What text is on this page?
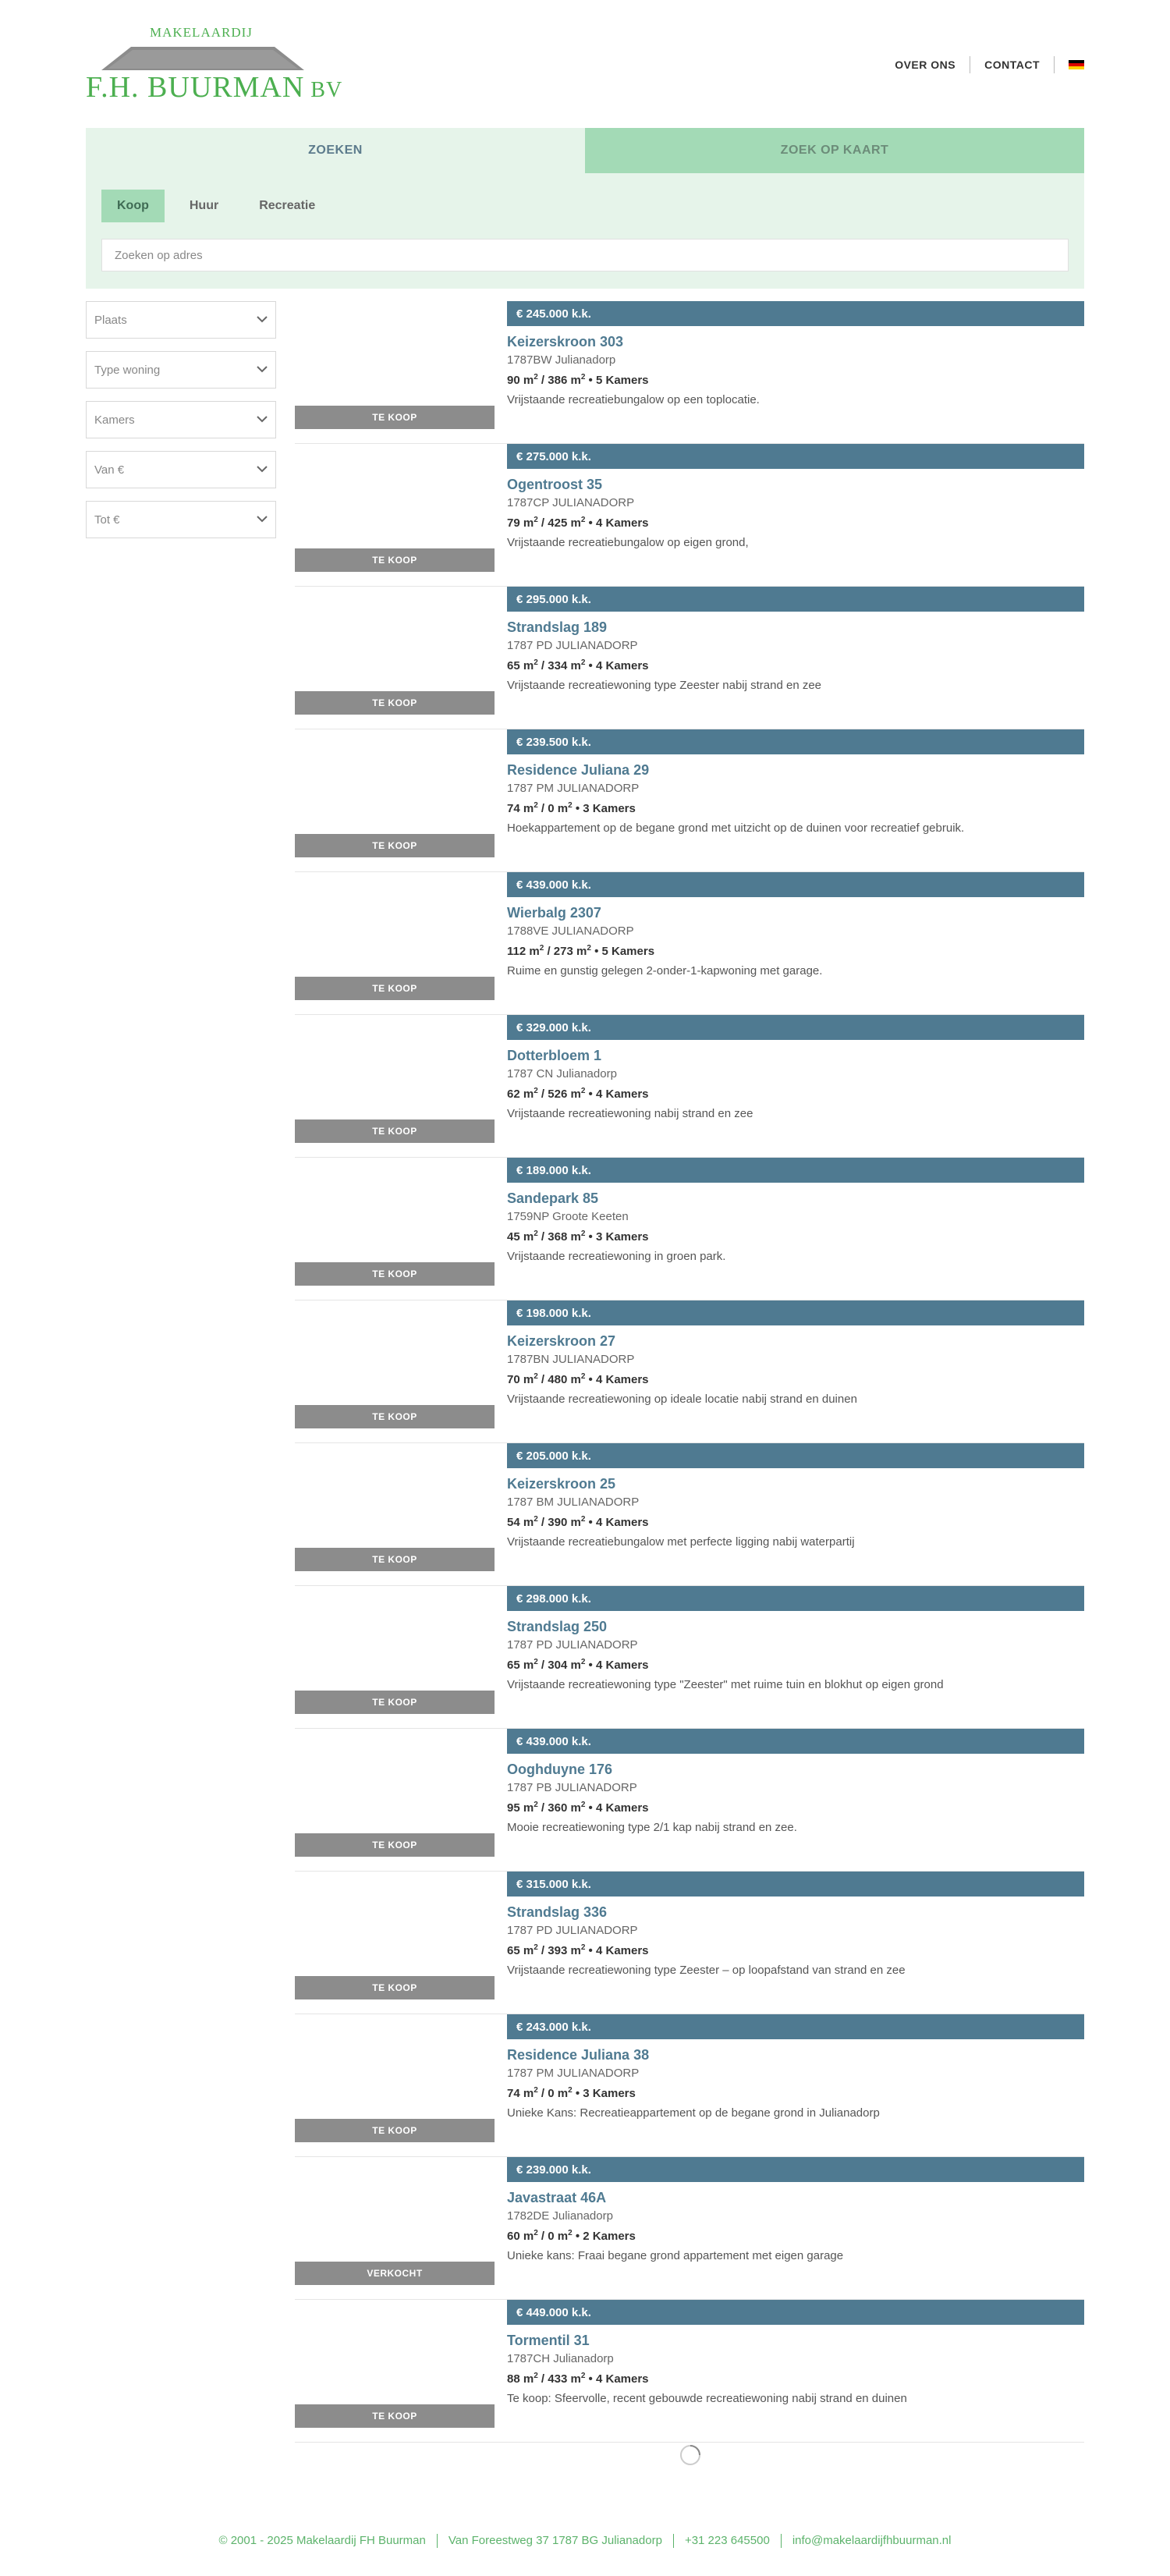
MAKELAARDIJ
F.H. BUURMAN BV
OVER ONS	CONTACT
ZOEKEN	ZOEK OP KAART
Koop	Huur	Recreatie
Zoeken op adres
Plaats
Type woning
Kamers
Van €
Tot €
TE KOOP
€ 245.000 k.k.
Keizerskroon 303
1787BW Julianadorp
90 $m^2 / 386$ $m^2$ • 5 Kamers
Vrijstaande recreatiebungalow op een toplocatie.
TE KOOP
€ 275.000 k.k.
Ogentroost 35
1787CP JULIANADORP
79 $m^2 / 425$ $m^2$ • 4 Kamers
Vrijstaande recreatiebungalow op eigen grond,
TE KOOP
€ 295.000 k.k.
Strandslag 189
1787 PD JULIANADORP
65 $m^2 / 334$ $m^2$ • 4 Kamers
Vrijstaande recreatiewoning type Zeester nabij strand en zee
TE KOOP
€ 239.500 k.k.
Residence Juliana 29
1787 PM JULIANADORP
74 $m^2 / 0$ $m^2$ • 3 Kamers
Hoekappartement op de begane grond met uitzicht op de duinen voor recreatief gebruik.
TE KOOP
€ 439.000 k.k.
Wierbalg 2307
1788VE JULIANADORP
112 $m^2 / 273$ $m^2$ • 5 Kamers
Ruime en gunstig gelegen 2-onder-1-kapwoning met garage.
TE KOOP
€ 329.000 k.k.
Dotterbloem 1
1787 CN Julianadorp
62 $m^2 / 526$ $m^2$ • 4 Kamers
Vrijstaande recreatiewoning nabij strand en zee
TE KOOP
€ 189.000 k.k.
Sandepark 85
1759NP Groote Keeten
45 $m^2 / 368$ $m^2$ • 3 Kamers
Vrijstaande recreatiewoning in groen park.
TE KOOP
€ 198.000 k.k.
Keizerskroon 27
1787BN JULIANADORP
70 $m^2 / 480$ $m^2$ • 4 Kamers
Vrijstaande recreatiewoning op ideale locatie nabij strand en duinen
TE KOOP
€ 205.000 k.k.
Keizerskroon 25
1787 BM JULIANADORP
54 $m^2 / 390$ $m^2$ • 4 Kamers
Vrijstaande recreatiebungalow met perfecte ligging nabij waterpartij
TE KOOP
€ 298.000 k.k.
Strandslag 250
1787 PD JULIANADORP
65 $m^2 / 304$ $m^2$ • 4 Kamers
Vrijstaande recreatiewoning type "Zeester" met ruime tuin en blokhut op eigen grond
TE KOOP
€ 439.000 k.k.
Ooghduyne 176
1787 PB JULIANADORP
95 $m^2 / 360$ $m^2$ • 4 Kamers
Mooie recreatiewoning type 2/1 kap nabij strand en zee.
TE KOOP
€ 315.000 k.k.
Strandslag 336
1787 PD JULIANADORP
65 $m^2 / 393$ $m^2$ • 4 Kamers
Vrijstaande recreatiewoning type Zeester – op loopafstand van strand en zee
TE KOOP
€ 243.000 k.k.
Residence Juliana 38
1787 PM JULIANADORP
74 $m^2 / 0$ $m^2$ • 3 Kamers
Unieke Kans: Recreatieappartement op de begane grond in Julianadorp
VERKOCHT
€ 239.000 k.k.
Javastraat 46A
1782DE Julianadorp
60 $m^2 / 0$ $m^2$ • 2 Kamers
Unieke kans: Fraai begane grond appartement met eigen garage
TE KOOP
€ 449.000 k.k.
Tormentil 31
1787CH Julianadorp
88 $m^2 / 433$ $m^2$ • 4 Kamers
Te koop: Sfeervolle, recent gebouwde recreatiewoning nabij strand en duinen
© 2001 - 2025 Makelaardij FH Buurman Van Foreestweg 37 1787 BG Julianadorp +31 223 645500 info@makelaardijfhbuurman.nl
